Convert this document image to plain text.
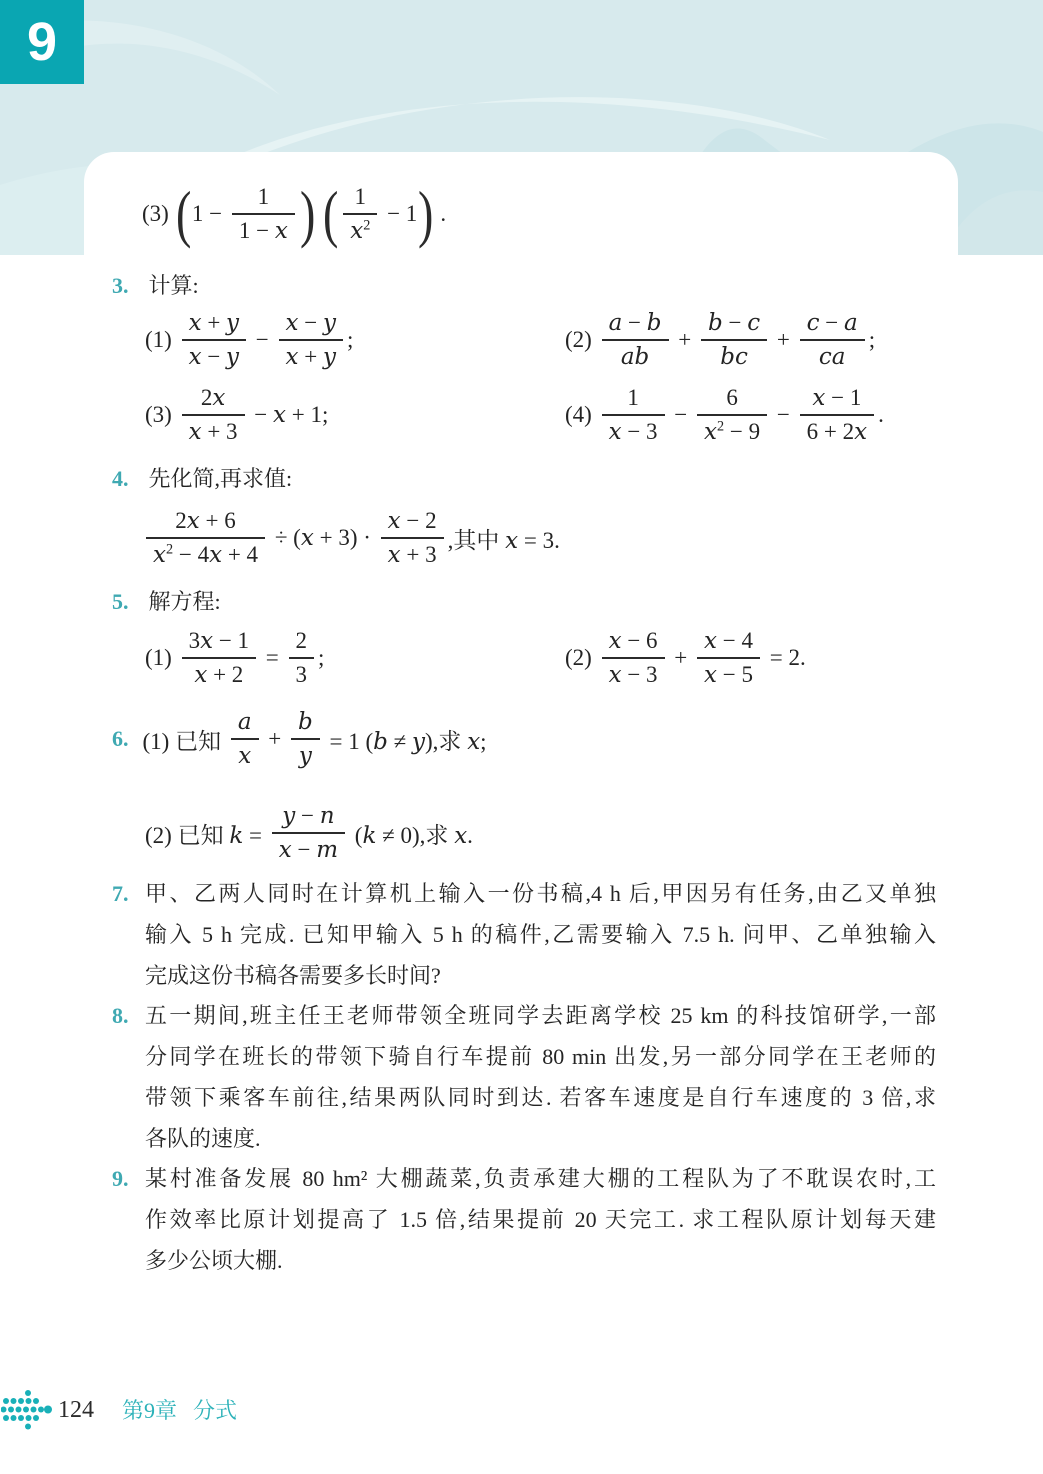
9
(3) ( $1 - \frac{1}{1 - x}$ )
( $\frac{1}{x^2} - 1$ ) .
3. 计算:
$(1) \frac{x + y}{x - y} - \frac{x - y}{x + y}$ ;	$(2) \frac{a - b}{ab} + \frac{b - c}{bc} + \frac{c - a}{ca}$ ;
$(3) \frac{2x}{x + 3} - x + 1$;	$(4) \frac{1}{x - 3} - \frac{6}{x^2 - 9} - \frac{x - 1}{6 + 2x}$ .
4. 先化简,再求值:
$\frac{2x + 6}{x^2 - 4x + 4} \div (x + 3) \cdot \frac{x - 2}{x + 3}$ ,其中 x = 3.
5. 解方程:
$(1) \frac{3x - 1}{x + 2} = \frac{2}{3}$ ;	$(2) \frac{x - 6}{x - 3} + \frac{x - 4}{x - 5} = 2$.
6. (1) 已知 $\frac{a}{x} + \frac{b}{y} = 1$ (b ≠ y),求 x;
(2) 已知 $k = \frac{y - n}{x - m} (k \ne 0)$,求 x.
7. 甲、乙两人同时在计算机上输入一份书稿,4 h 后,甲因另有任务,由乙又单独
输入 5 h 完成. 已知甲输入 5 h 的稿件,乙需要输入 7.5 h. 问甲、乙单独输入
完成这份书稿各需要多长时间?
8. 五一期间,班主任王老师带领全班同学去距离学校 25 km 的科技馆研学,一部
分同学在班长的带领下骑自行车提前 80 min 出发,另一部分同学在王老师的
带领下乘客车前往,结果两队同时到达. 若客车速度是自行车速度的 3 倍,求
各队的速度.
9. 某村准备发展 80 hm² 大棚蔬菜,负责承建大棚的工程队为了不耽误农时,工
作效率比原计划提高了 1.5 倍,结果提前 20 天完工. 求工程队原计划每天建
多少公顷大棚.
124 第9章 分式
